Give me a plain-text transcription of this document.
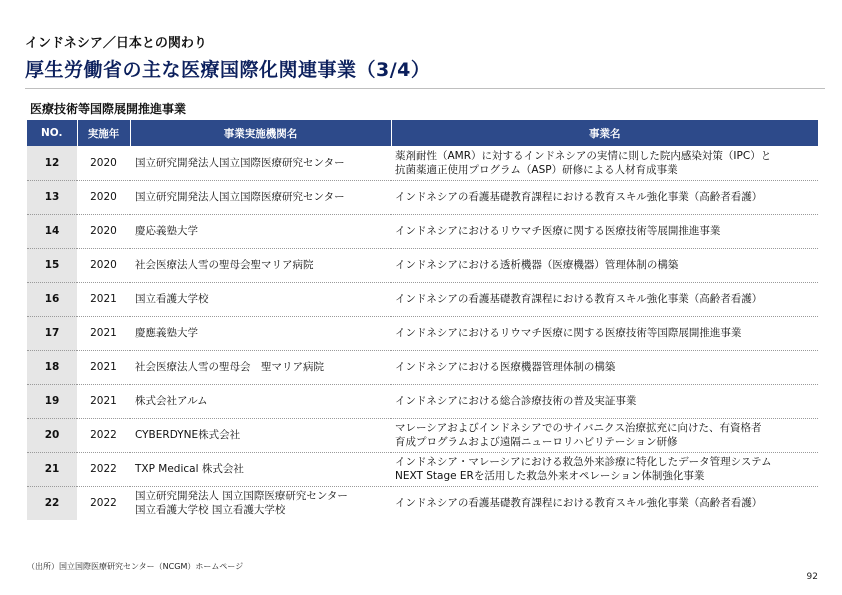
インドネシア／日本との関わり
厚生労働省の主な医療国際化関連事業（3/4）
医療技術等国際展開推進事業
NO.	実施年	事業実施機関名	事業名
12	2020	国立研究開発法人国立国際医療研究センター	薬剤耐性（AMR）に対するインドネシアの実情に則した院内感染対策（IPC）と
抗菌薬適正使用プログラム（ASP）研修による人材育成事業

13	2020	国立研究開発法人国立国際医療研究センター	インドネシアの看護基礎教育課程における教育スキル強化事業（高齢者看護）

14	2020	慶応義塾大学	インドネシアにおけるリウマチ医療に関する医療技術等展開推進事業

15	2020	社会医療法人雪の聖母会聖マリア病院	インドネシアにおける透析機器（医療機器）管理体制の構築

16	2021	国立看護大学校	インドネシアの看護基礎教育課程における教育スキル強化事業（高齢者看護）

17	2021	慶應義塾大学	インドネシアにおけるリウマチ医療に関する医療技術等国際展開推進事業

18	2021	社会医療法人雪の聖母会　聖マリア病院	インドネシアにおける医療機器管理体制の構築

19	2021	株式会社アルム	インドネシアにおける総合診療技術の普及実証事業

20	2022	CYBERDYNE株式会社	マレーシアおよびインドネシアでのサイバニクス治療拡充に向けた、有資格者
育成プログラムおよび遠隔ニューロリハビリテーション研修

21	2022	TXP Medical 株式会社	インドネシア・マレーシアにおける救急外来診療に特化したデータ管理システム
NEXT Stage ERを活用した救急外来オペレーション体制強化事業

22	2022	国立研究開発法人 国立国際医療研究センター
国立看護大学校 国立看護大学校	インドネシアの看護基礎教育課程における教育スキル強化事業（高齢者看護）
（出所）国立国際医療研究センター（NCGM）ホームページ
92
